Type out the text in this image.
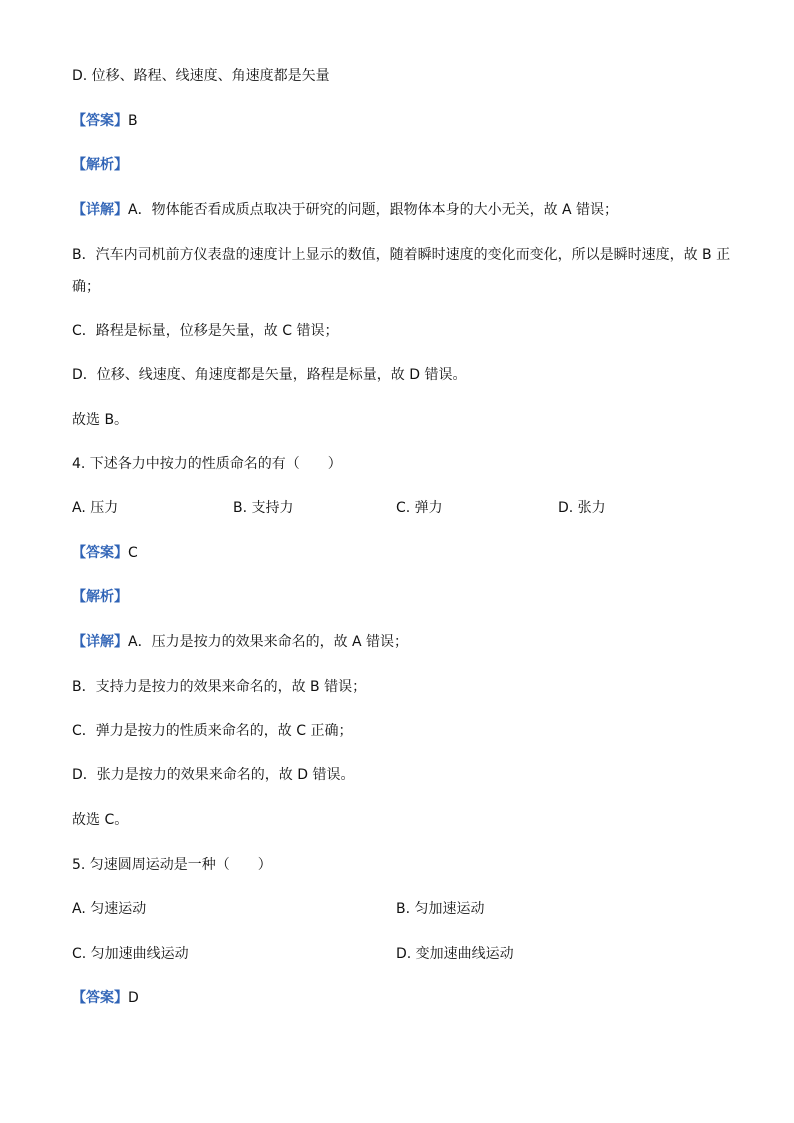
D. 位移、路程、线速度、角速度都是矢量
【答案】B
【解析】
【详解】A．物体能否看成质点取决于研究的问题，跟物体本身的大小无关，故 A 错误；
B．汽车内司机前方仪表盘的速度计上显示的数值，随着瞬时速度的变化而变化，所以是瞬时速度，故 B 正
确；
C．路程是标量，位移是矢量，故 C 错误；
D．位移、线速度、角速度都是矢量，路程是标量，故 D 错误。
故选 B。
4. 下述各力中按力的性质命名的有（　　）
A. 压力	B. 支持力	C. 弹力	D. 张力
【答案】C
【解析】
【详解】A．压力是按力的效果来命名的，故 A 错误；
B．支持力是按力的效果来命名的，故 B 错误；
C．弹力是按力的性质来命名的，故 C 正确；
D．张力是按力的效果来命名的，故 D 错误。
故选 C。
5. 匀速圆周运动是一种（　　）
A. 匀速运动	B. 匀加速运动
C. 匀加速曲线运动	D. 变加速曲线运动
【答案】D
